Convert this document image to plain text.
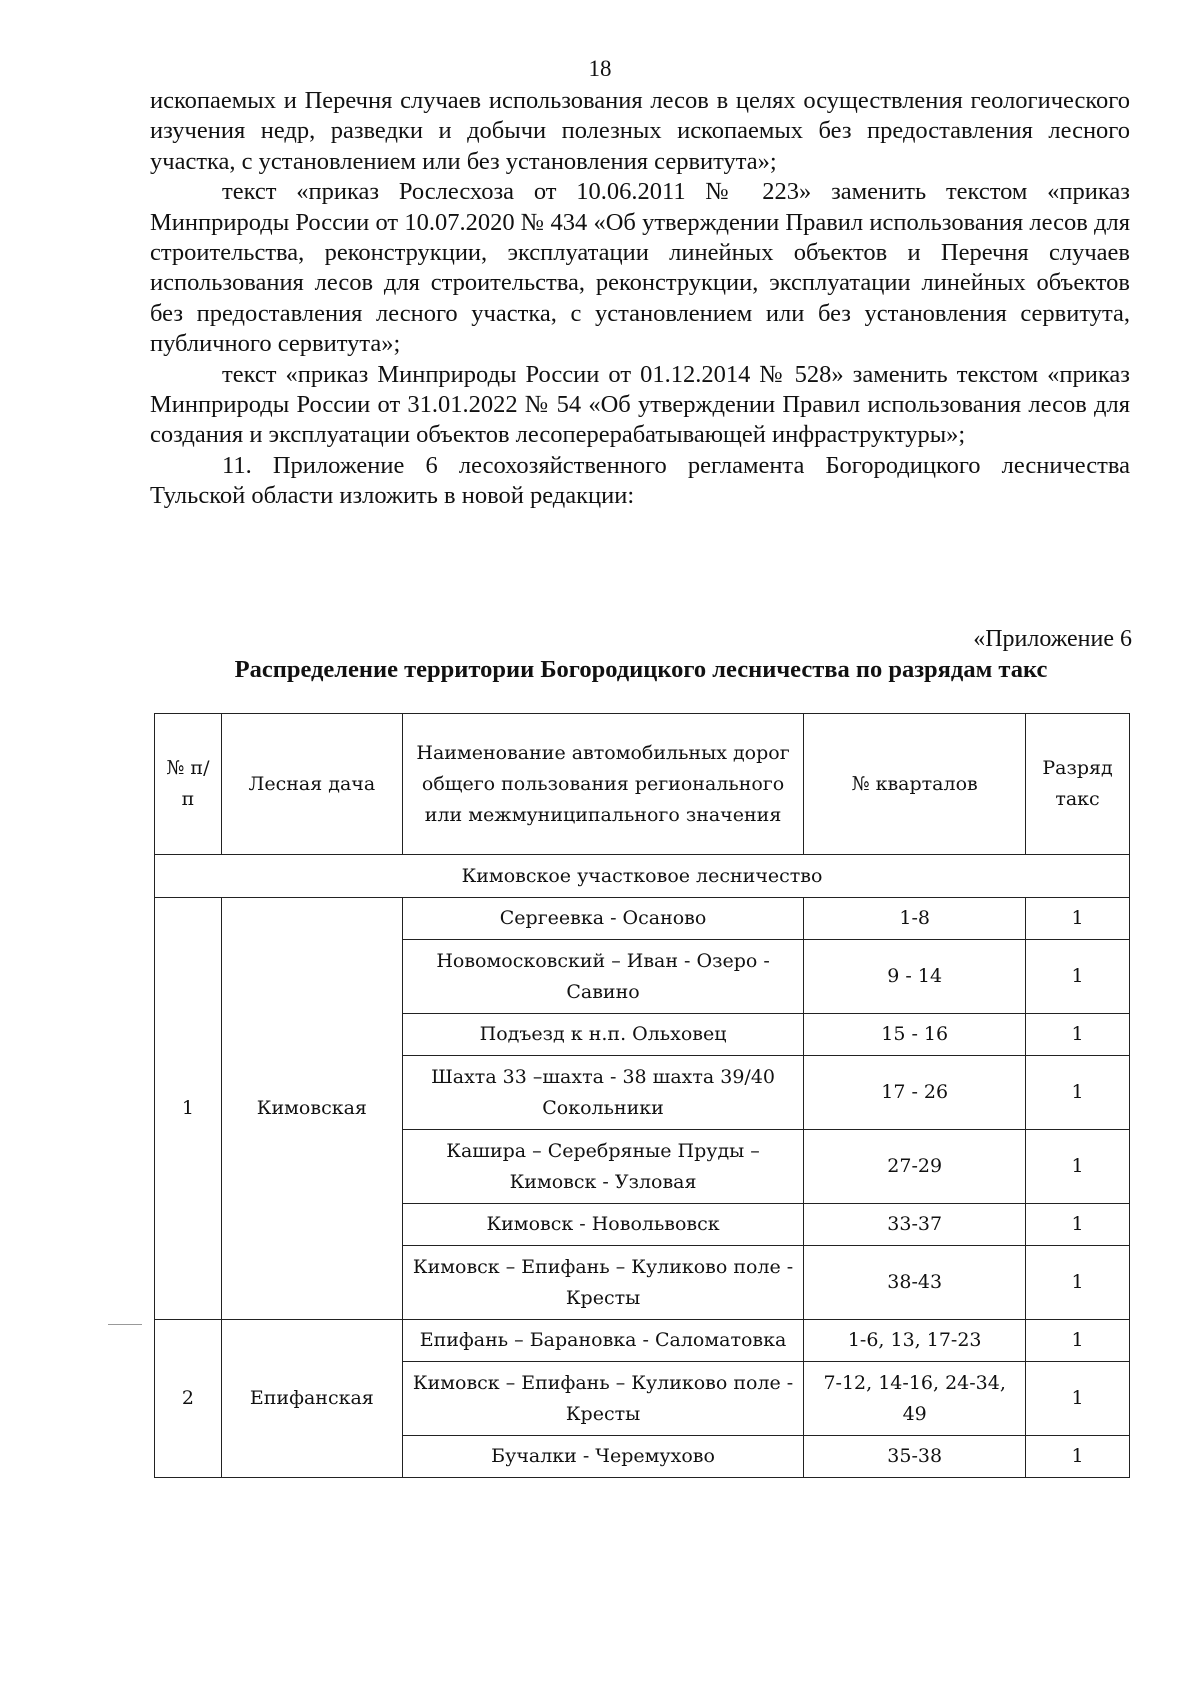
18

ископаемых и Перечня случаев использования лесов в целях осуществления геологического изучения недр, разведки и добычи полезных ископаемых без предоставления лесного участка, с установлением или без установления сервитута»;

текст «приказ Рослесхоза от 10.06.2011 № 223» заменить текстом «приказ Минприроды России от 10.07.2020 № 434 «Об утверждении Правил использования лесов для строительства, реконструкции, эксплуатации линейных объектов и Перечня случаев использования лесов для строительства, реконструкции, эксплуатации линейных объектов без предоставления лесного участка, с установлением или без установления сервитута, публичного сервитута»;

текст «приказ Минприроды России от 01.12.2014 № 528» заменить текстом «приказ Минприроды России от 31.01.2022 № 54 «Об утверждении Правил использования лесов для создания и эксплуатации объектов лесоперерабатывающей инфраструктуры»;

11. Приложение 6 лесохозяйственного регламента Богородицкого лесничества Тульской области изложить в новой редакции:

«Приложение 6
Распределение территории Богородицкого лесничества по разрядам такс
№ п/п	Лесная дача	Наименование автомобильных дорог общего пользования регионального или межмуниципального значения	№ кварталов	Разряд такс
Кимовское участковое лесничество				
1	Кимовская	Сергеевка - Осаново	1-8	1
		Новомосковский – Иван - Озеро - Савино	9 - 14	1
		Подъезд к н.п. Ольховец	15 - 16	1
		Шахта 33 –шахта - 38 шахта 39/40 Сокольники	17 - 26	1
		Кашира – Серебряные Пруды – Кимовск - Узловая	27-29	1
		Кимовск - Новольвовск	33-37	1
		Кимовск – Епифань – Куликово поле - Кресты	38-43	1
2	Епифанская	Епифань – Барановка - Саломатовка	1-6, 13, 17-23	1
		Кимовск – Епифань – Куликово поле - Кресты	7-12, 14-16, 24-34, 49	1
		Бучалки - Черемухово	35-38	1
